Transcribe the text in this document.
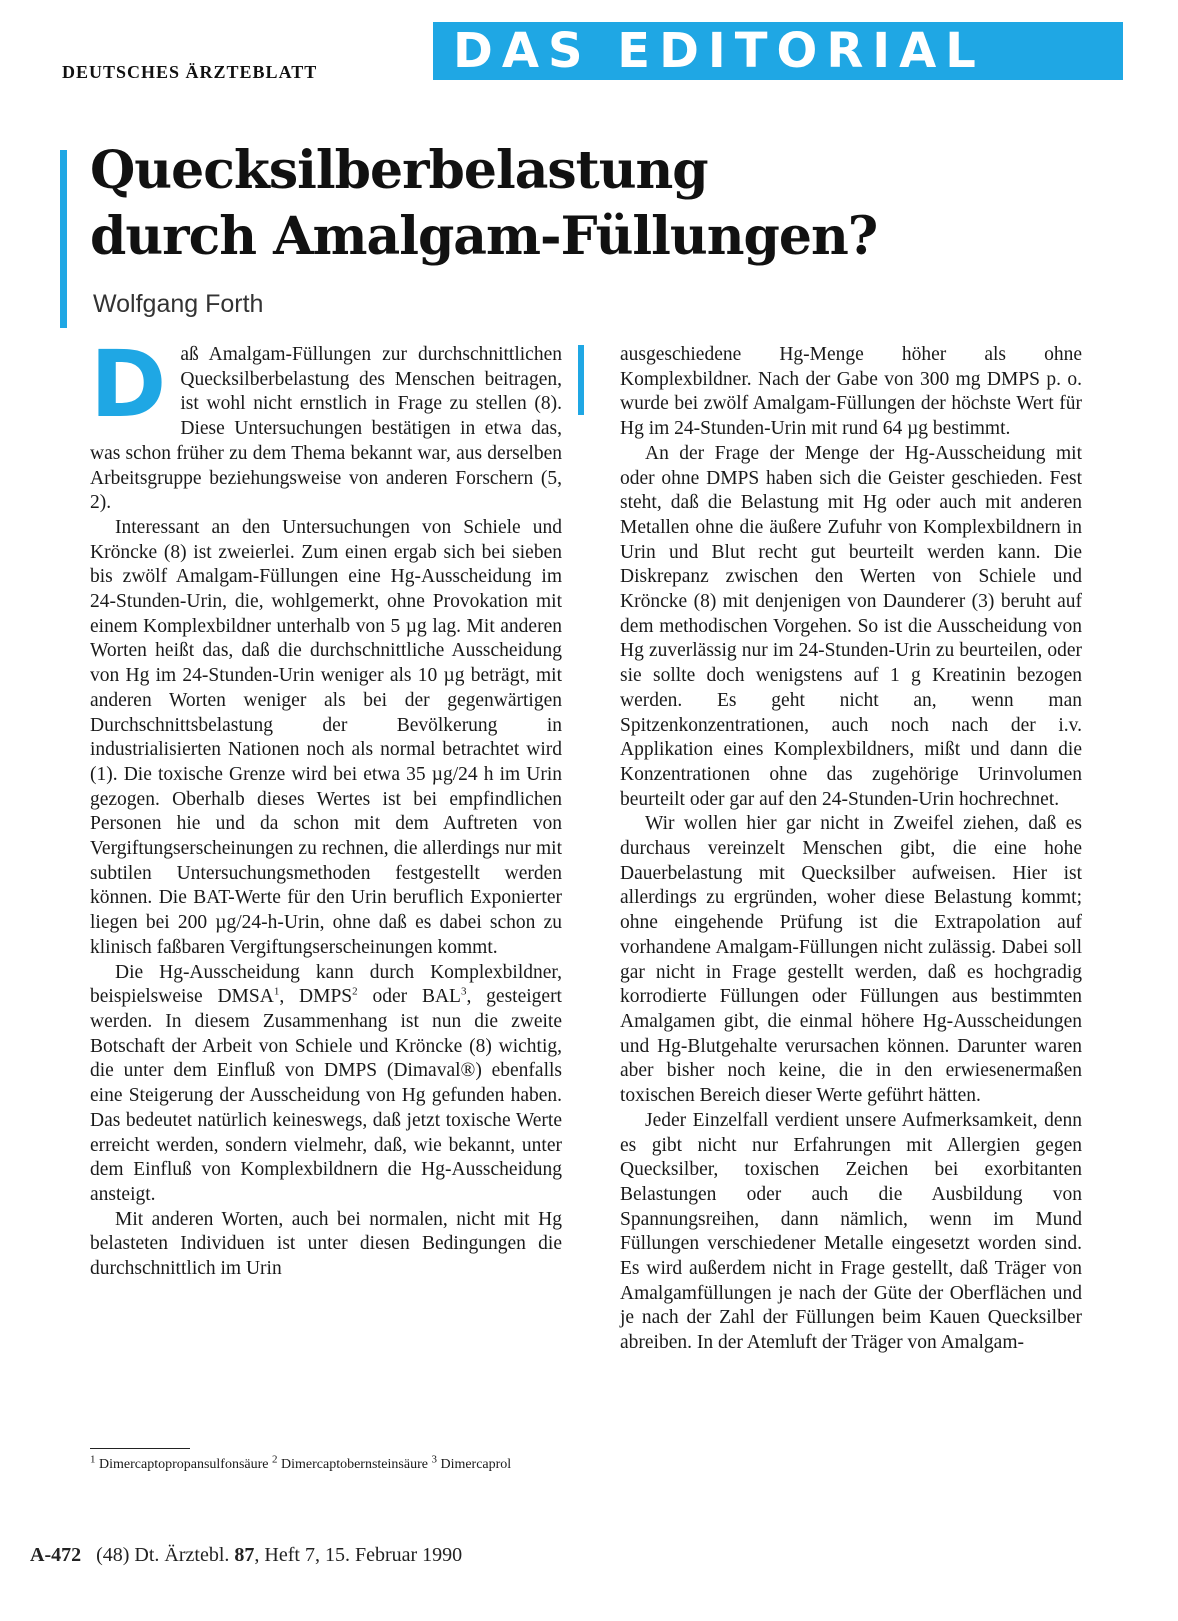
DEUTSCHES ÄRZTEBLATT	DAS EDITORIAL
Quecksilberbelastung
durch Amalgam-Füllungen?
Wolfgang Forth

Daß Amalgam-Füllungen zur durchschnittlichen Quecksilberbelastung des Menschen beitragen, ist wohl nicht ernstlich in Frage zu stellen (8). Diese Untersuchungen bestätigen in etwa das, was schon früher zu dem Thema bekannt war, aus derselben Arbeitsgruppe beziehungsweise von anderen Forschern (5, 2).

Interessant an den Untersuchungen von Schiele und Kröncke (8) ist zweierlei. Zum einen ergab sich bei sieben bis zwölf Amalgam-Füllungen eine Hg-Ausscheidung im 24-Stunden-Urin, die, wohlgemerkt, ohne Provokation mit einem Komplexbildner unterhalb von 5 µg lag. Mit anderen Worten heißt das, daß die durchschnittliche Ausscheidung von Hg im 24-Stunden-Urin weniger als 10 µg beträgt, mit anderen Worten weniger als bei der gegenwärtigen Durchschnittsbelastung der Bevölkerung in industrialisierten Nationen noch als normal betrachtet wird (1). Die toxische Grenze wird bei etwa 35 µg/24 h im Urin gezogen. Oberhalb dieses Wertes ist bei empfindlichen Personen hie und da schon mit dem Auftreten von Vergiftungserscheinungen zu rechnen, die allerdings nur mit subtilen Untersuchungsmethoden festgestellt werden können. Die BAT-Werte für den Urin beruflich Exponierter liegen bei 200 µg/24-h-Urin, ohne daß es dabei schon zu klinisch faßbaren Vergiftungserscheinungen kommt.

Die Hg-Ausscheidung kann durch Komplexbildner, beispielsweise DMSA$^1$, DMPS$^2$ oder BAL$^3$, gesteigert werden. In diesem Zusammenhang ist nun die zweite Botschaft der Arbeit von Schiele und Kröncke (8) wichtig, die unter dem Einfluß von DMPS (Dimaval®) ebenfalls eine Steigerung der Ausscheidung von Hg gefunden haben. Das bedeutet natürlich keineswegs, daß jetzt toxische Werte erreicht werden, sondern vielmehr, daß, wie bekannt, unter dem Einfluß von Komplexbildnern die Hg-Ausscheidung ansteigt.

Mit anderen Worten, auch bei normalen, nicht mit Hg belasteten Individuen ist unter diesen Bedingungen die durchschnittlich im Urin

ausgeschiedene Hg-Menge höher als ohne Komplexbildner. Nach der Gabe von 300 mg DMPS p. o. wurde bei zwölf Amalgam-Füllungen der höchste Wert für Hg im 24-Stunden-Urin mit rund 64 µg bestimmt.

An der Frage der Menge der Hg-Ausscheidung mit oder ohne DMPS haben sich die Geister geschieden. Fest steht, daß die Belastung mit Hg oder auch mit anderen Metallen ohne die äußere Zufuhr von Komplexbildnern in Urin und Blut recht gut beurteilt werden kann. Die Diskrepanz zwischen den Werten von Schiele und Kröncke (8) mit denjenigen von Daunderer (3) beruht auf dem methodischen Vorgehen. So ist die Ausscheidung von Hg zuverlässig nur im 24-Stunden-Urin zu beurteilen, oder sie sollte doch wenigstens auf 1 g Kreatinin bezogen werden. Es geht nicht an, wenn man Spitzenkonzentrationen, auch noch nach der i.v. Applikation eines Komplexbildners, mißt und dann die Konzentrationen ohne das zugehörige Urinvolumen beurteilt oder gar auf den 24-Stunden-Urin hochrechnet.

Wir wollen hier gar nicht in Zweifel ziehen, daß es durchaus vereinzelt Menschen gibt, die eine hohe Dauerbelastung mit Quecksilber aufweisen. Hier ist allerdings zu ergründen, woher diese Belastung kommt; ohne eingehende Prüfung ist die Extrapolation auf vorhandene Amalgam-Füllungen nicht zulässig. Dabei soll gar nicht in Frage gestellt werden, daß es hochgradig korrodierte Füllungen oder Füllungen aus bestimmten Amalgamen gibt, die einmal höhere Hg-Ausscheidungen und Hg-Blutgehalte verursachen können. Darunter waren aber bisher noch keine, die in den erwiesenermaßen toxischen Bereich dieser Werte geführt hätten.

Jeder Einzelfall verdient unsere Aufmerksamkeit, denn es gibt nicht nur Erfahrungen mit Allergien gegen Quecksilber, toxischen Zeichen bei exorbitanten Belastungen oder auch die Ausbildung von Spannungsreihen, dann nämlich, wenn im Mund Füllungen verschiedener Metalle eingesetzt worden sind. Es wird außerdem nicht in Frage gestellt, daß Träger von Amalgamfüllungen je nach der Güte der Oberflächen und je nach der Zahl der Füllungen beim Kauen Quecksilber abreiben. In der Atemluft der Träger von Amalgam-

$^1$ Dimercaptopropansulfonsäure $^2$ Dimercaptobernsteinsäure $^3$ Dimercaprol
A-472 (48) Dt. Ärztebl. 87, Heft 7, 15. Februar 1990
